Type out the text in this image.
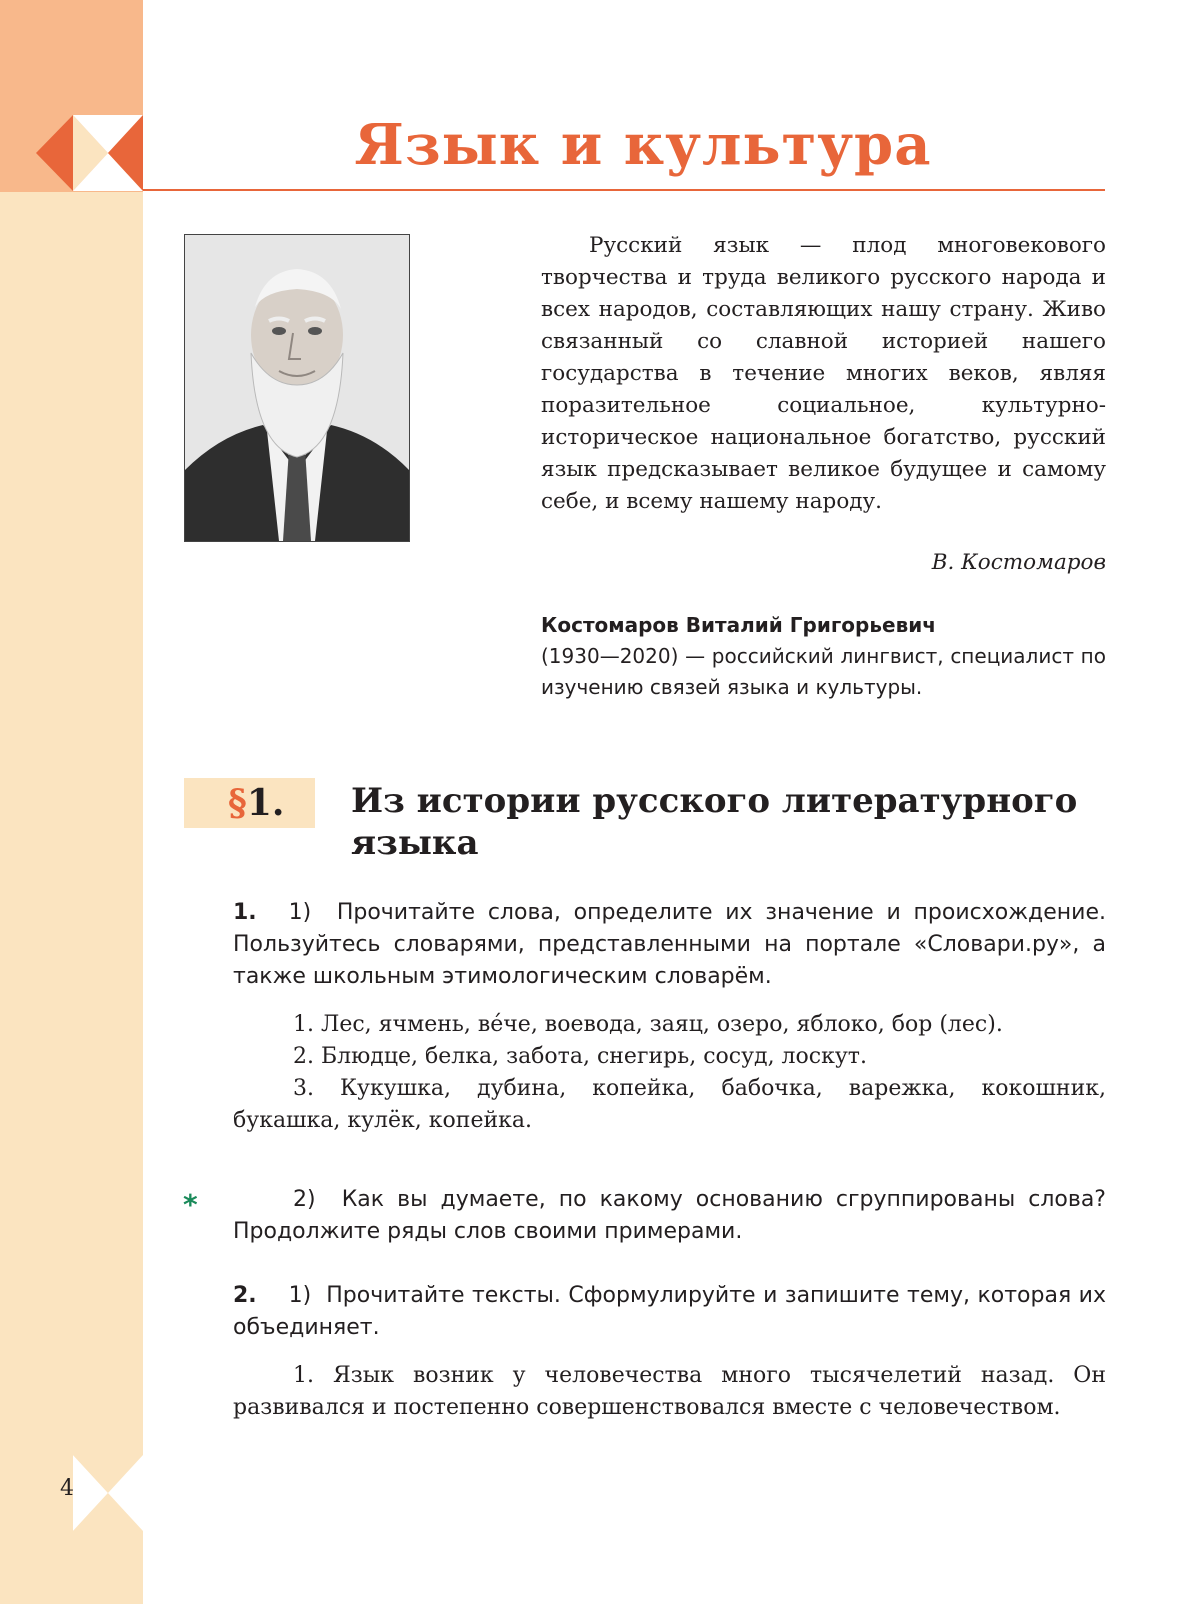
Язык и культура

Русский язык — плод многовекового творчества и труда великого русского народа и всех народов, составляющих нашу страну. Живо связанный со славной историей нашего государства в течение многих веков, являя поразительное социальное, культурно-историческое национальное богатство, русский язык предсказывает великое будущее и самому себе, и всему нашему народу.

В. Костомаров

Костомаров Виталий Григорьевич
(1930—2020) — российский лингвист, специалист по изучению связей языка и культуры.

§1. Из истории русского литературного языка

1. 1) Прочитайте слова, определите их значение и происхождение. Пользуйтесь словарями, представленными на портале «Словари.ру», а также школьным этимологическим словарём.

1. Лес, ячмень, ве́че, воевода, заяц, озеро, яблоко, бор (лес).

2. Блюдце, белка, забота, снегирь, сосуд, лоскут.

3. Кукушка, дубина, копейка, бабочка, варежка, кокошник, букашка, кулёк, копейка.

*	2) Как вы думаете, по какому основанию сгруппированы слова? Продолжите ряды слов своими примерами.

2. 1) Прочитайте тексты. Сформулируйте и запишите тему, которая их объединяет.

1. Язык возник у человечества много тысячелетий назад. Он развивался и постепенно совершенствовался вместе с человечеством.

4
